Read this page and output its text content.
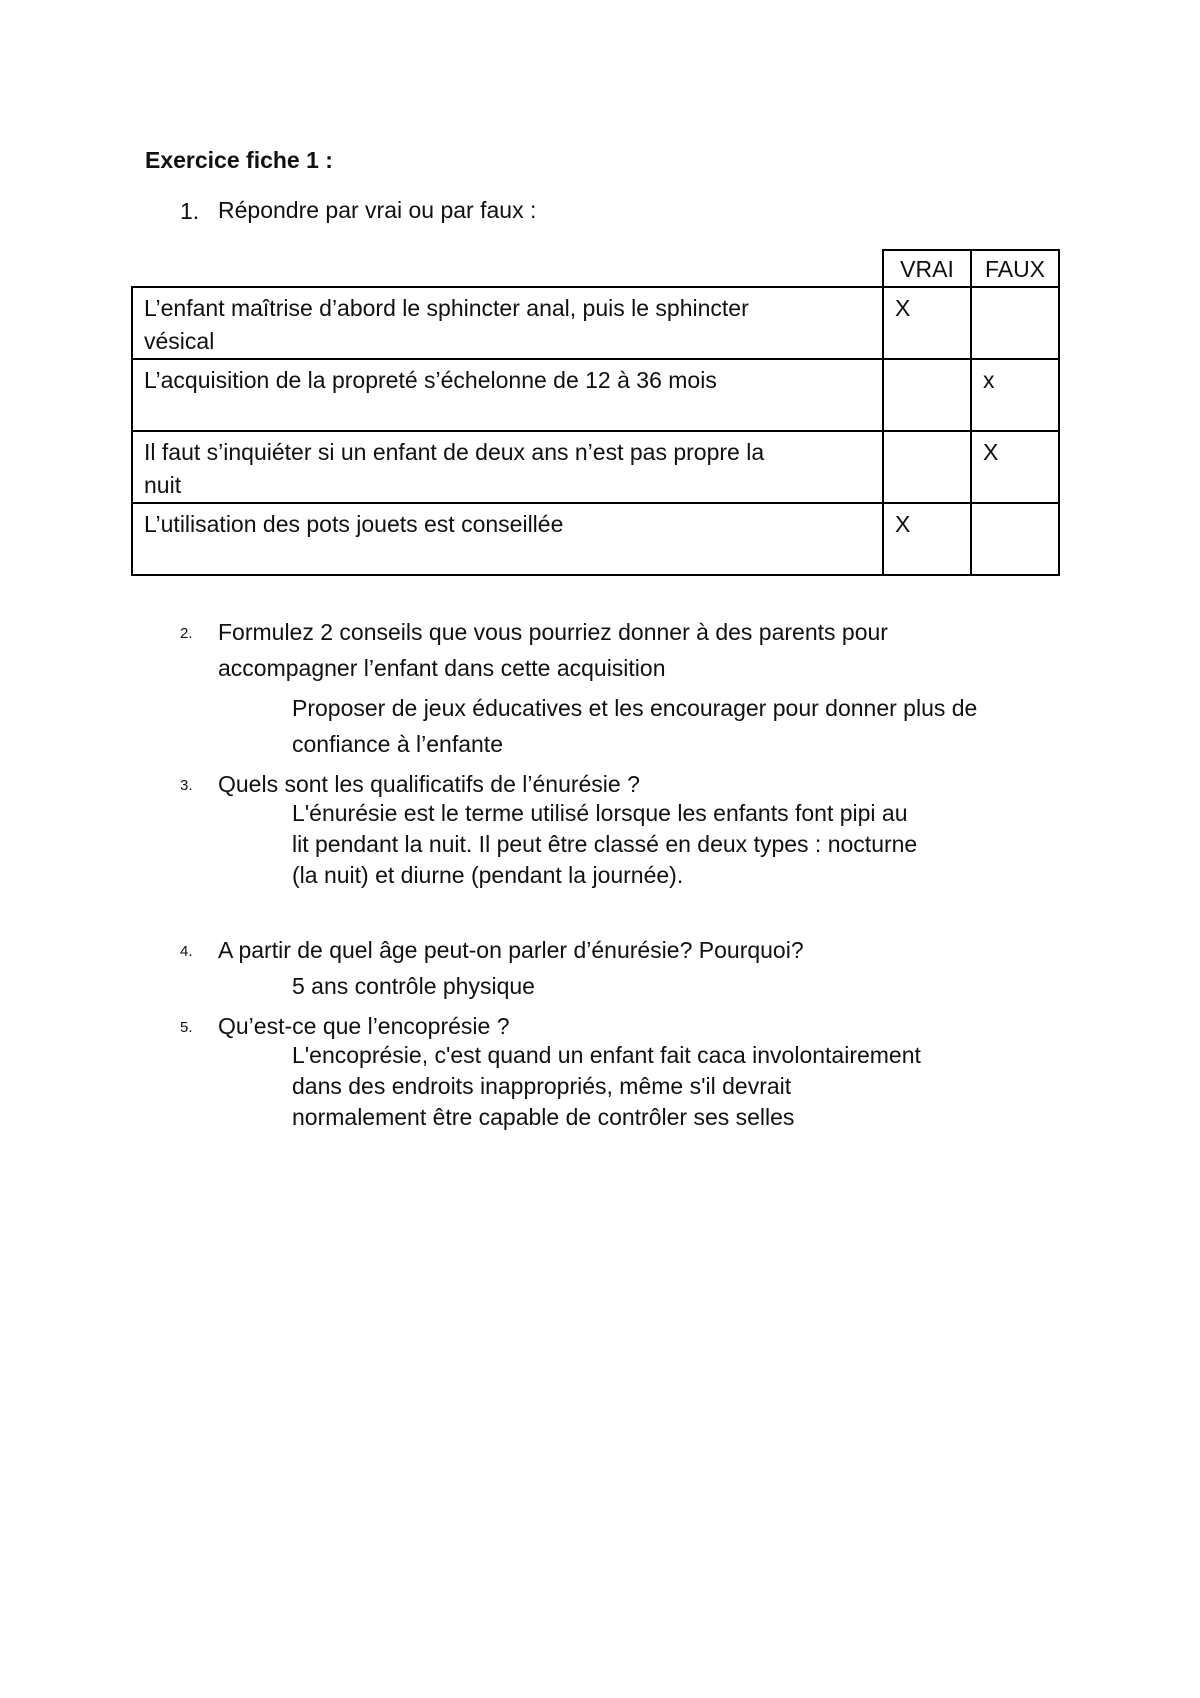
Exercice fiche 1 :
1. Répondre par vrai ou par faux :
	VRAI	FAUX

L’enfant maîtrise d’abord le sphincter anal, puis le sphincter
vésical	X	

L’acquisition de la propreté s’échelonne de 12 à 36 mois		x

Il faut s’inquiéter si un enfant de deux ans n’est pas propre la
nuit		X

L’utilisation des pots jouets est conseillée	X	
2.	Formulez 2 conseils que vous pourriez donner à des parents pour
accompagner l’enfant dans cette acquisition
Proposer de jeux éducatives et les encourager pour donner plus de
confiance à l’enfante
3.	Quels sont les qualificatifs de l’énurésie ?
L'énurésie est le terme utilisé lorsque les enfants font pipi au
lit pendant la nuit. Il peut être classé en deux types : nocturne
(la nuit) et diurne (pendant la journée).
4.	A partir de quel âge peut-on parler d’énurésie? Pourquoi?
5 ans contrôle physique
5.	Qu’est-ce que l’encoprésie ?
L'encoprésie, c'est quand un enfant fait caca involontairement
dans des endroits inappropriés, même s'il devrait
normalement être capable de contrôler ses selles
